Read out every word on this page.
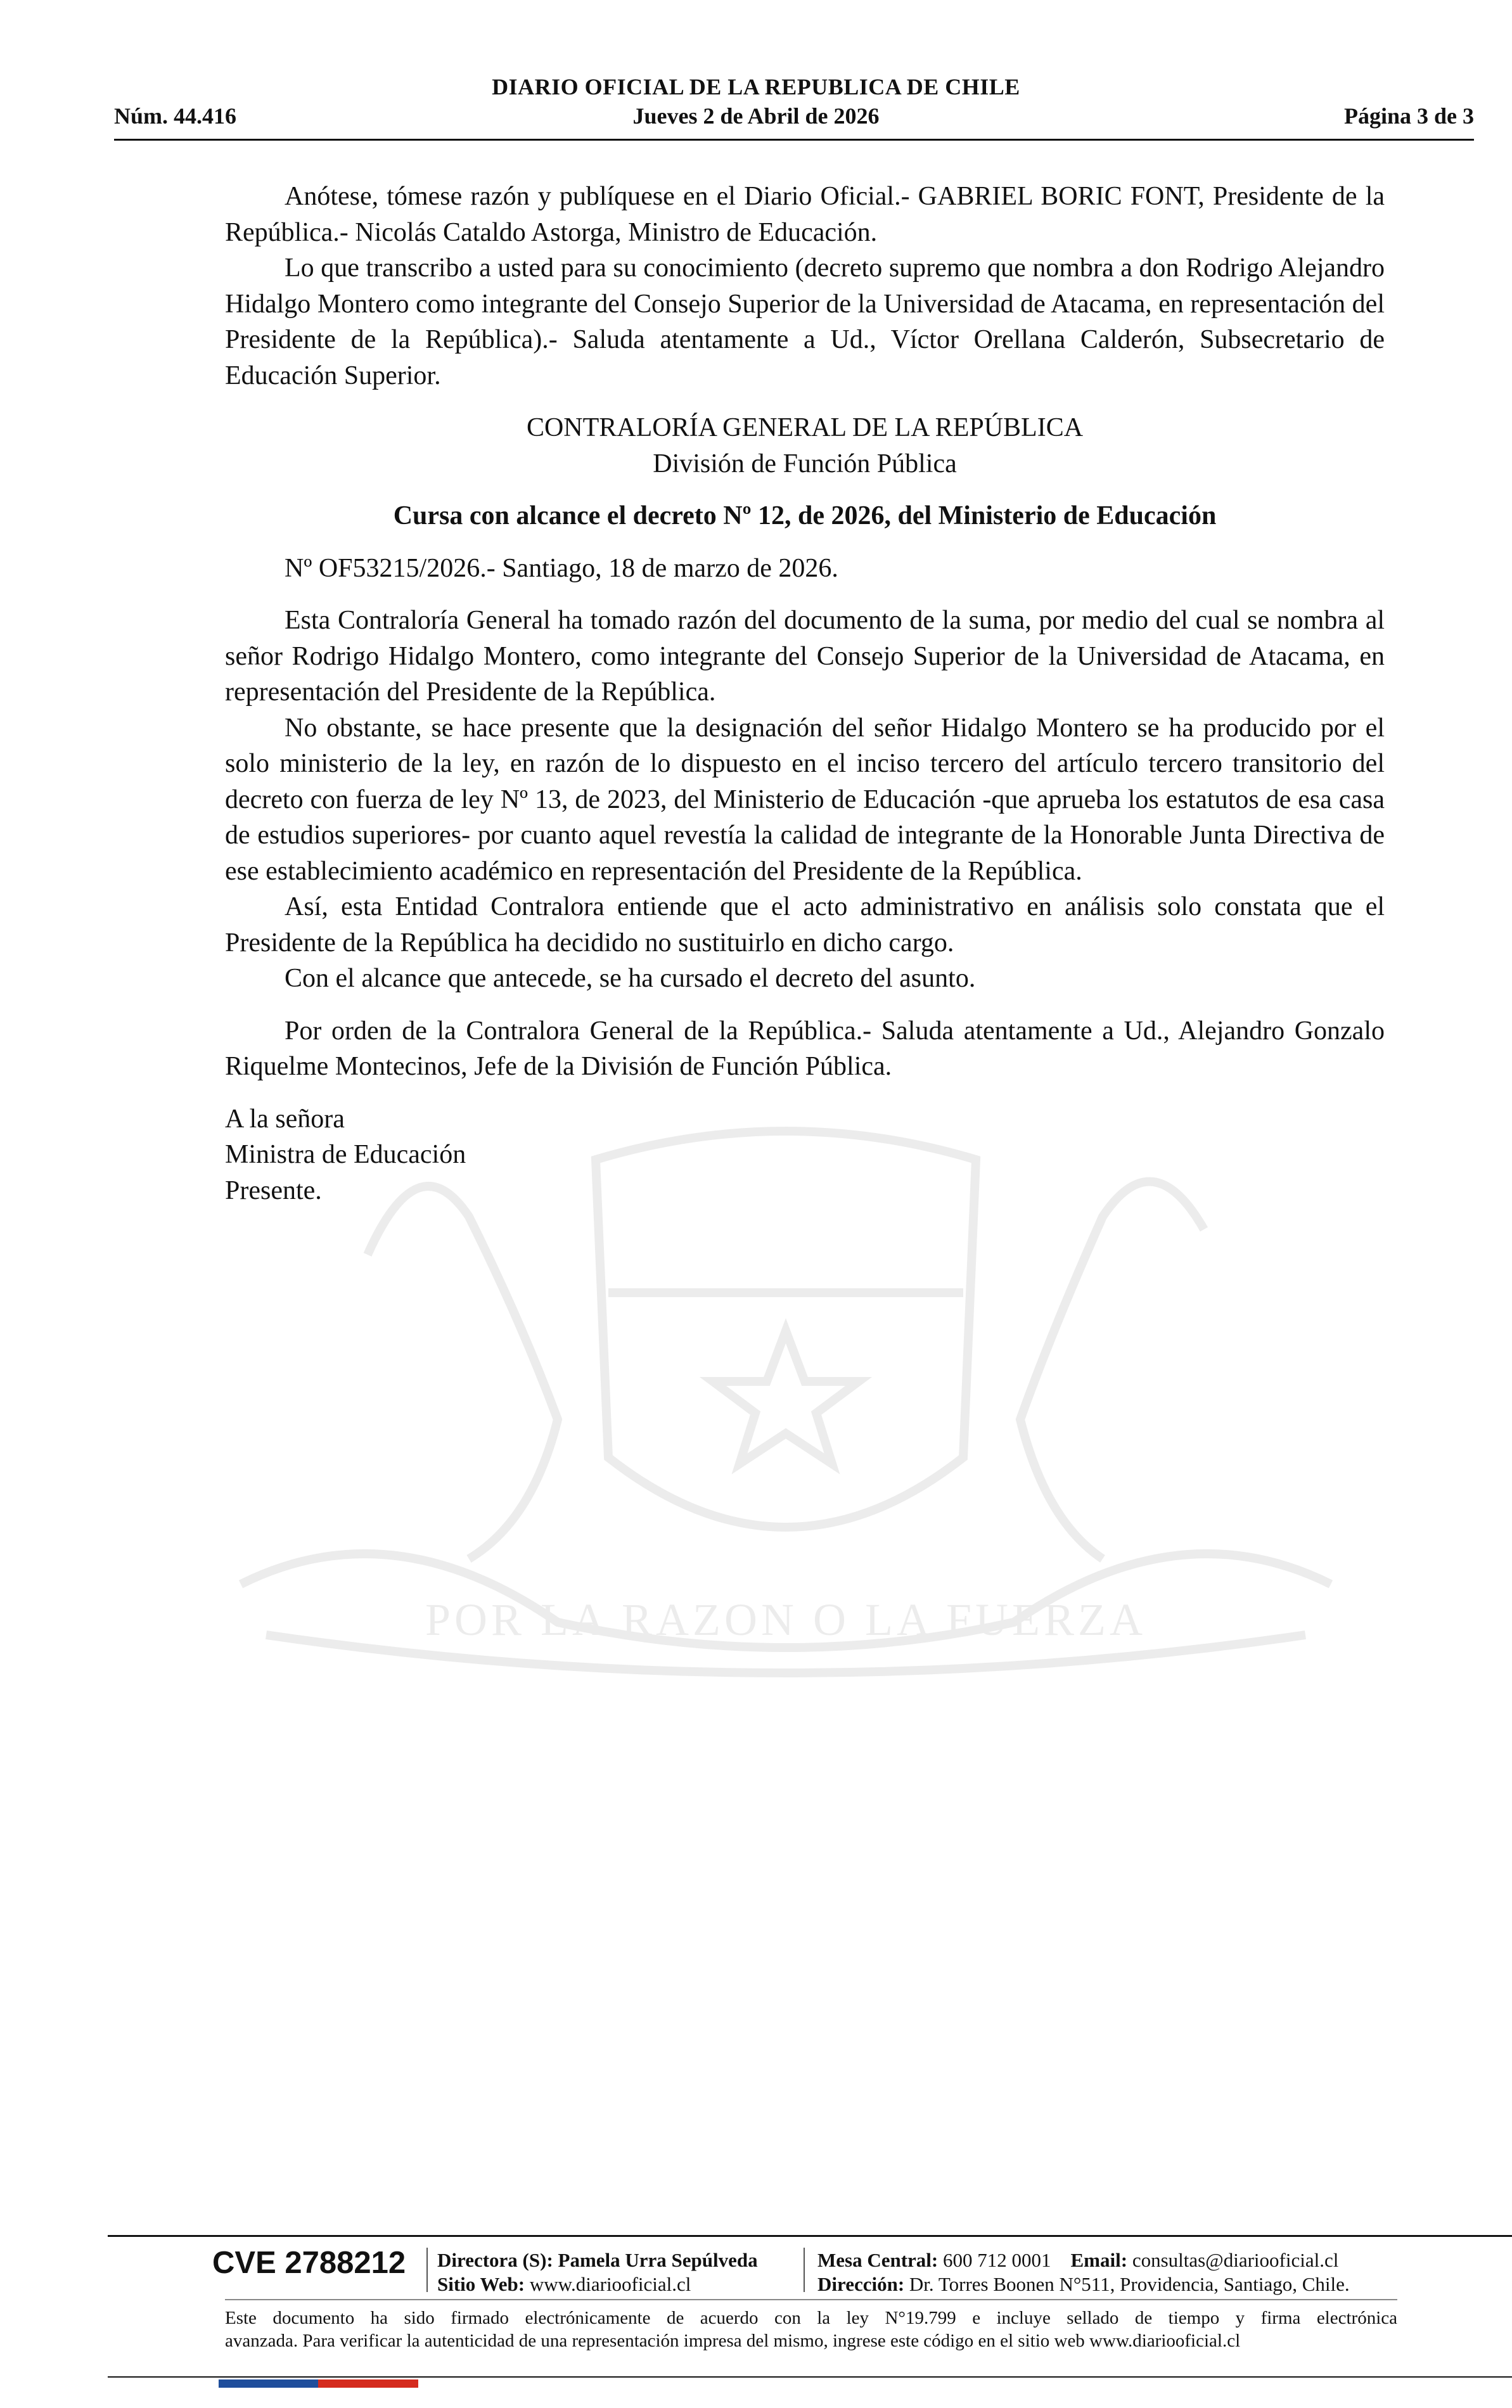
DIARIO OFICIAL DE LA REPUBLICA DE CHILE
Núm. 44.416	Jueves 2 de Abril de 2026	Página 3 de 3
POR LA RAZON O LA FUERZA

Anótese, tómese razón y publíquese en el Diario Oficial.- GABRIEL BORIC FONT, Presidente de la República.- Nicolás Cataldo Astorga, Ministro de Educación.

Lo que transcribo a usted para su conocimiento (decreto supremo que nombra a don Rodrigo Alejandro Hidalgo Montero como integrante del Consejo Superior de la Universidad de Atacama, en representación del Presidente de la República).- Saluda atentamente a Ud., Víctor Orellana Calderón, Subsecretario de Educación Superior.

CONTRALORÍA GENERAL DE LA REPÚBLICA
División de Función Pública
Cursa con alcance el decreto Nº 12, de 2026, del Ministerio de Educación

Nº OF53215/2026.- Santiago, 18 de marzo de 2026.

Esta Contraloría General ha tomado razón del documento de la suma, por medio del cual se nombra al señor Rodrigo Hidalgo Montero, como integrante del Consejo Superior de la Universidad de Atacama, en representación del Presidente de la República.

No obstante, se hace presente que la designación del señor Hidalgo Montero se ha producido por el solo ministerio de la ley, en razón de lo dispuesto en el inciso tercero del artículo tercero transitorio del decreto con fuerza de ley Nº 13, de 2023, del Ministerio de Educación -que aprueba los estatutos de esa casa de estudios superiores- por cuanto aquel revestía la calidad de integrante de la Honorable Junta Directiva de ese establecimiento académico en representación del Presidente de la República.

Así, esta Entidad Contralora entiende que el acto administrativo en análisis solo constata que el Presidente de la República ha decidido no sustituirlo en dicho cargo.

Con el alcance que antecede, se ha cursado el decreto del asunto.

Por orden de la Contralora General de la República.- Saluda atentamente a Ud., Alejandro Gonzalo Riquelme Montecinos, Jefe de la División de Función Pública.

A la señora

Ministra de Educación

Presente.

CVE 2788212 Directora (S): Pamela Urra Sepúlveda
Sitio Web: www.diariooficial.cl
Mesa Central: 600 712 0001 Email: consultas@diariooficial.cl
Dirección: Dr. Torres Boonen N°511, Providencia, Santiago, Chile.
Este documento ha sido firmado electrónicamente de acuerdo con la ley N°19.799 e incluye sellado de tiempo y firma electrónica
avanzada. Para verificar la autenticidad de una representación impresa del mismo, ingrese este código en el sitio web www.diariooficial.cl
